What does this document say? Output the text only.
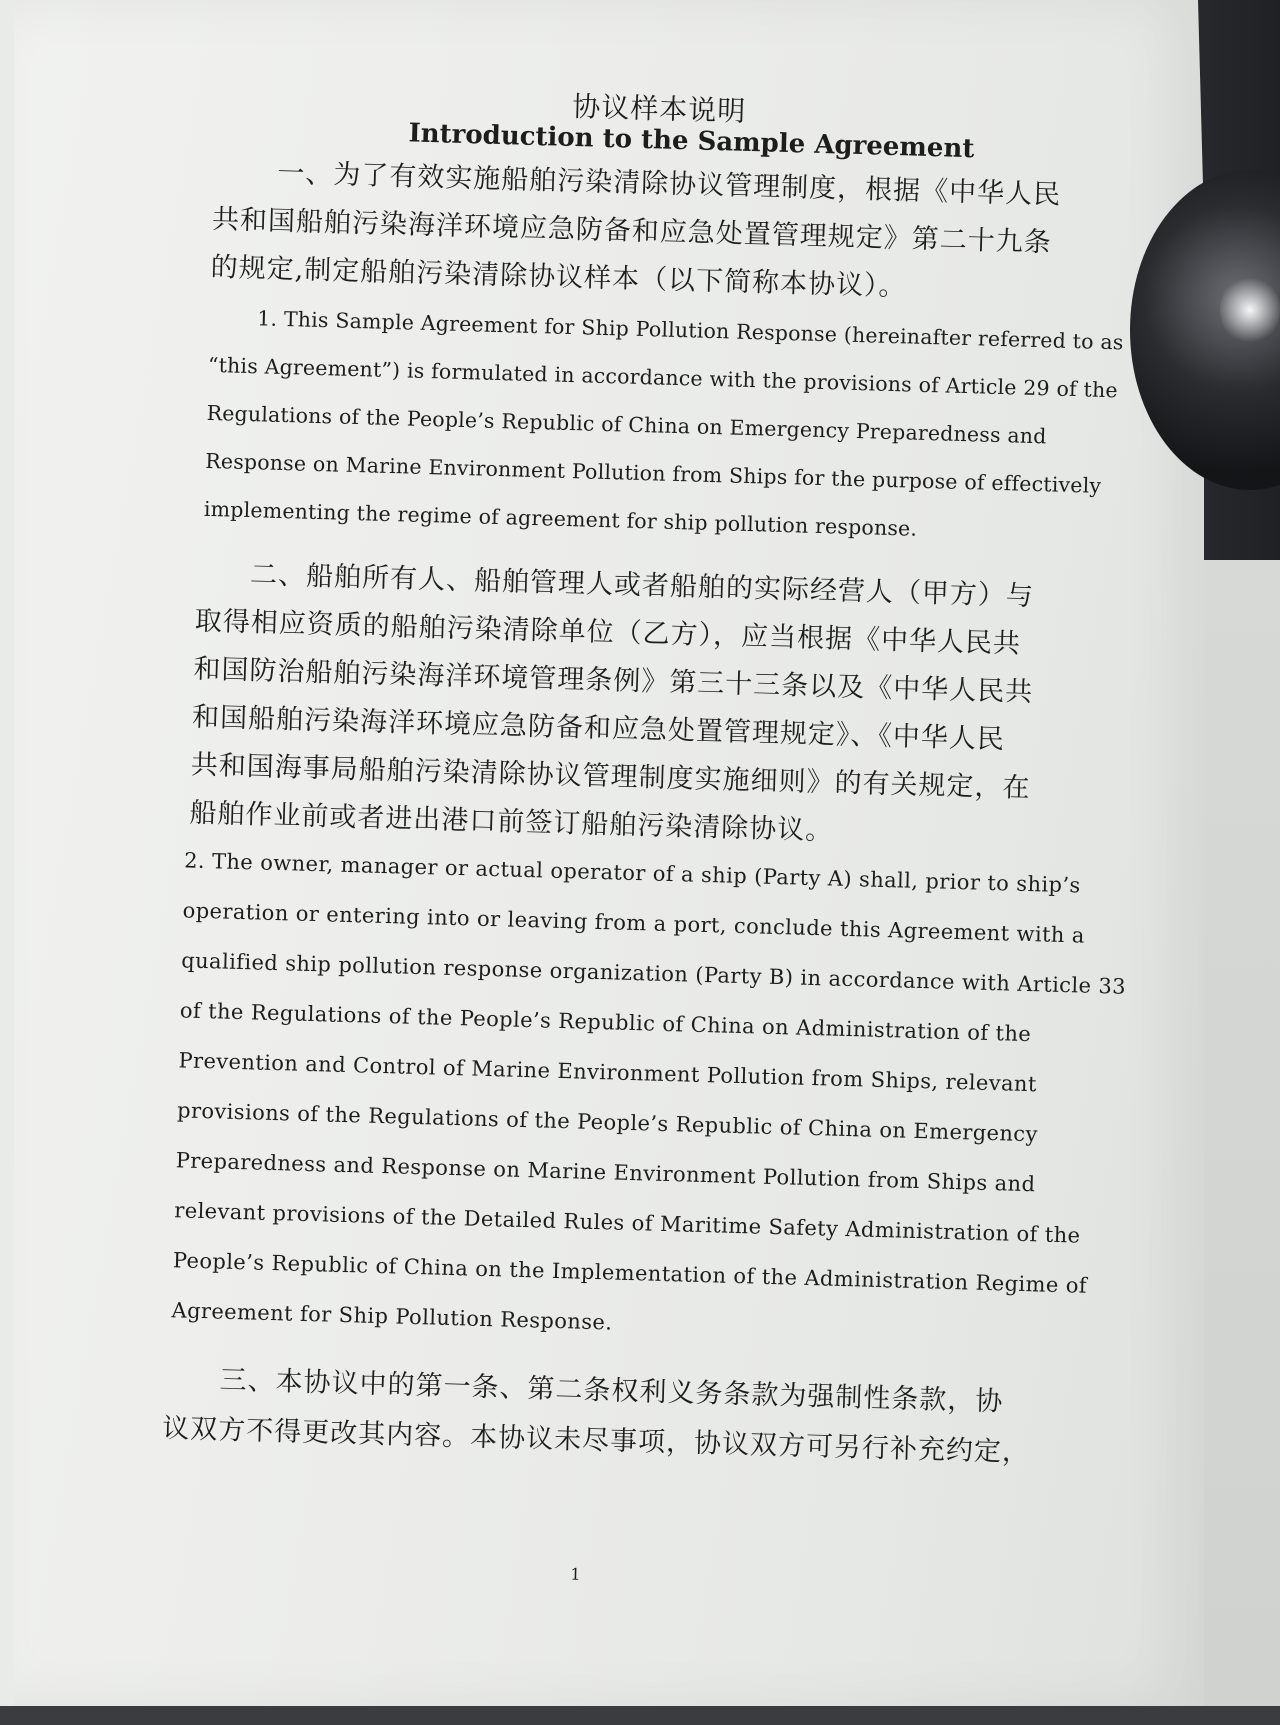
协议样本说明

Introduction to the Sample Agreement

一、为了有效实施船舶污染清除协议管理制度，根据《中华人民

共和国船舶污染海洋环境应急防备和应急处置管理规定》第二十九条

的规定,制定船舶污染清除协议样本（以下简称本协议）。

1. This Sample Agreement for Ship Pollution Response (hereinafter referred to as

“this Agreement”) is formulated in accordance with the provisions of Article 29 of the

Regulations of the People’s Republic of China on Emergency Preparedness and

Response on Marine Environment Pollution from Ships for the purpose of effectively

implementing the regime of agreement for ship pollution response.

二、船舶所有人、船舶管理人或者船舶的实际经营人（甲方）与

取得相应资质的船舶污染清除单位（乙方），应当根据《中华人民共

和国防治船舶污染海洋环境管理条例》第三十三条以及《中华人民共

和国船舶污染海洋环境应急防备和应急处置管理规定》、《中华人民

共和国海事局船舶污染清除协议管理制度实施细则》的有关规定，在

船舶作业前或者进出港口前签订船舶污染清除协议。

2. The owner, manager or actual operator of a ship (Party A) shall, prior to ship’s

operation or entering into or leaving from a port, conclude this Agreement with a

qualified ship pollution response organization (Party B) in accordance with Article 33

of the Regulations of the People’s Republic of China on Administration of the

Prevention and Control of Marine Environment Pollution from Ships, relevant

provisions of the Regulations of the People’s Republic of China on Emergency

Preparedness and Response on Marine Environment Pollution from Ships and

relevant provisions of the Detailed Rules of Maritime Safety Administration of the

People’s Republic of China on the Implementation of the Administration Regime of

Agreement for Ship Pollution Response.

三、本协议中的第一条、第二条权利义务条款为强制性条款，协

议双方不得更改其内容。本协议未尽事项，协议双方可另行补充约定，

1
